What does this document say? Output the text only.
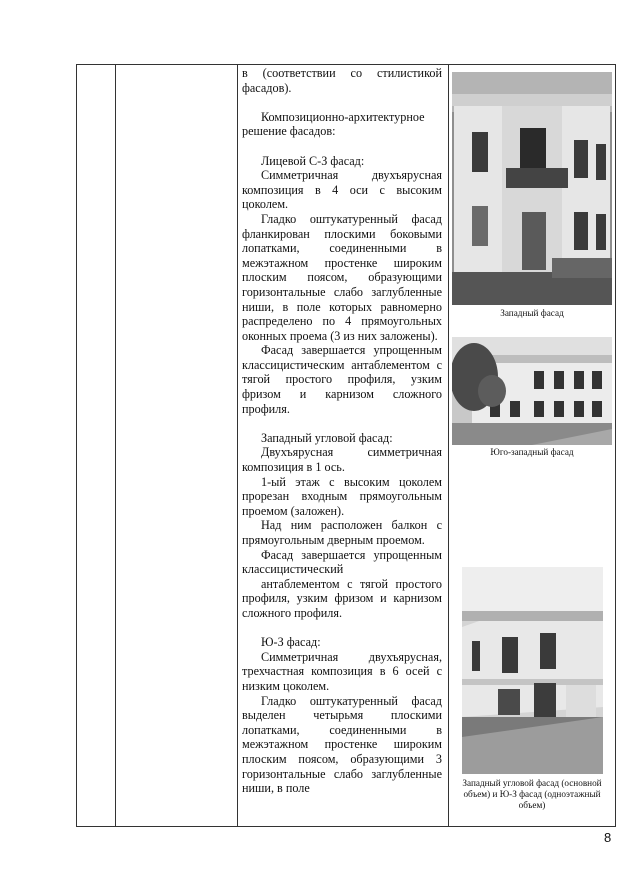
в (соответствии со стилистикой фасадов).

Композиционно-архитектурное решение фасадов:

Лицевой С-З фасад:

Симметричная двухъярусная композиция в 4 оси с высоким цоколем.

Гладко оштукатуренный фасад фланкирован плоскими боковыми лопатками, соединенными в межэтажном простенке широким плоским поясом, образующими горизонтальные слабо заглубленные ниши, в поле которых равномерно распределено по 4 прямоугольных оконных проема (3 из них заложены).

Фасад завершается упрощенным классицистическим антаблементом с тягой простого профиля, узким фризом и карнизом сложного профиля.

Западный угловой фасад:

Двухъярусная симметричная композиция в 1 ось.

1-ый этаж с высоким цоколем прорезан входным прямоугольным проемом (заложен).

Над ним расположен балкон с прямоугольным дверным проемом.

Фасад завершается упрощенным классицистический

антаблементом с тягой простого профиля, узким фризом и карнизом сложного профиля.

Ю-З фасад:

Симметричная двухъярусная, трехчастная композиция в 6 осей с низким цоколем.

Гладко оштукатуренный фасад выделен четырьмя плоскими лопатками, соединенными в межэтажном простенке широким плоским поясом, образующими 3 горизонтальные слабо заглубленные ниши, в поле

Западный фасад
Юго-западный фасад
Западный угловой фасад (основной объем) и Ю-З фасад (одноэтажный объем)
8
